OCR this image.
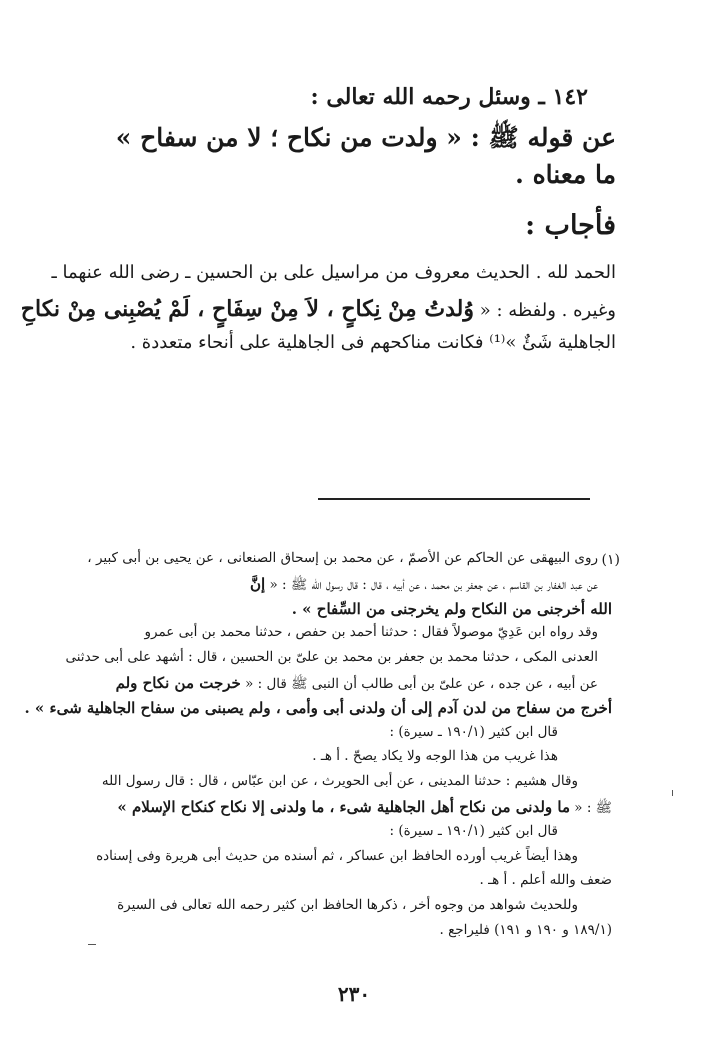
١٤٢ ـ وسئل رحمه الله تعالى :
عن قوله ﷺ : « ولدت من نكاح ؛ لا من سفاح »
ما معناه .
فأجاب :
الحمد لله . الحديث معروف من مراسيل على بن الحسين ـ رضى الله عنهما ـ
وغيره . ولفظه : « وُلدتُ مِنْ نِكاحٍ ، لاَ مِنْ سِفَاحٍ ، لَمْ يُصْبِنى مِنْ نكاحِ
الجاهلية شَئٌ »⁽¹⁾ فكانت مناكحهم فى الجاهلية على أنحاء متعددة .
(١)
روى البيهقى عن الحاكم عن الأصمّ ، عن محمد بن إسحاق الصنعانى ، عن يحيى بن أبى كبير ،
عن عبد الغفار بن القاسم ، عن جعفر بن محمد ، عن أبيه ، قال : قال رسول الله ﷺ : « إنَّ
الله أخرجنى من النكاح ولم يخرجنى من السِّفاح » .
وقد رواه ابن عَدِيّ موصولاً فقال : حدثنا أحمد بن حفص ، حدثنا محمد بن أبى عمرو
العدنى المكى ، حدثنا محمد بن جعفر بن محمد بن علىّ بن الحسين ، قال : أشهد على أبى حدثنى
عن أبيه ، عن جده ، عن علىّ بن أبى طالب أن النبى ﷺ قال : « خرجت من نكاح ولم
أخرج من سفاح من لدن آدم إلى أن ولدنى أبى وأمى ، ولم يصبنى من سفاح الجاهلية شىء » .
قال ابن كثير (١٩٠/١ ـ سيرة) :
هذا غريب من هذا الوجه ولا يكاد يصحّ . أ هـ .
وقال هشيم : حدثنا المدينى ، عن أبى الحويرث ، عن ابن عبّاس ، قال : قال رسول الله
ﷺ : « ما ولدنى من نكاح أهل الجاهلية شىء ، ما ولدنى إلا نكاح كنكاح الإسلام »
قال ابن كثير (١٩٠/١ ـ سيرة) :
وهذا أيضاً غريب أورده الحافظ ابن عساكر ، ثم أسنده من حديث أبى هريرة وفى إسناده
ضعف والله أعلم . أ هـ .
وللحديث شواهد من وجوه أخر ، ذكرها الحافظ ابن كثير رحمه الله تعالى فى السيرة
(١٨٩/١ و ١٩٠ و ١٩١) فليراجع .
٢٣٠
